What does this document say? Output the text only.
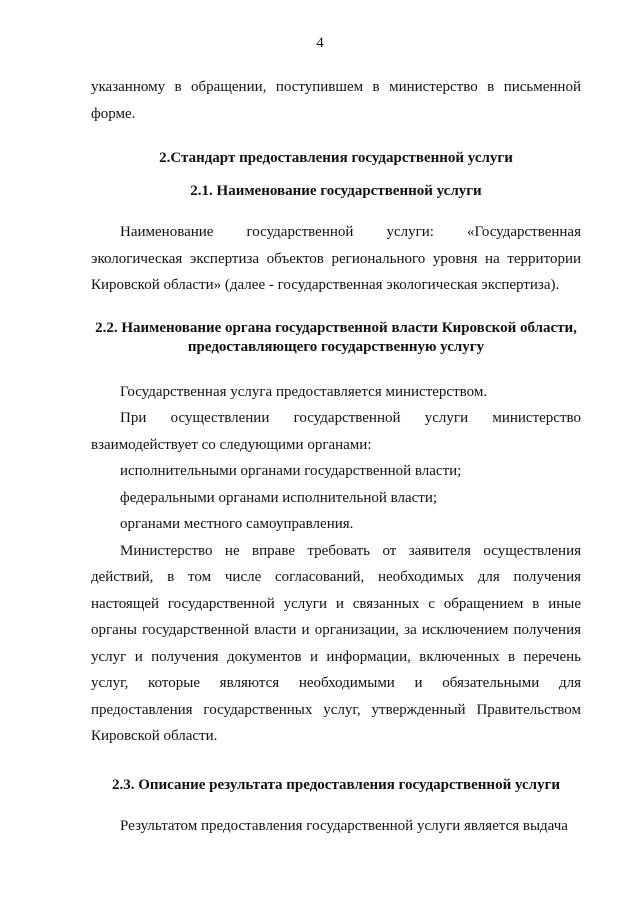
4

указанному в обращении, поступившем в министерство в письменной форме.

2.Стандарт предоставления государственной услуги

2.1. Наименование государственной услуги

Наименование государственной услуги: «Государственная экологическая экспертиза объектов регионального уровня на территории Кировской области» (далее - государственная экологическая экспертиза).

2.2. Наименование органа государственной власти Кировской области,

предоставляющего государственную услугу

Государственная услуга предоставляется министерством.

При осуществлении государственной услуги министерство взаимодействует со следующими органами:

исполнительными органами государственной власти;

федеральными органами исполнительной власти;

органами местного самоуправления.

Министерство не вправе требовать от заявителя осуществления действий, в том числе согласований, необходимых для получения настоящей государственной услуги и связанных с обращением в иные органы государственной власти и организации, за исключением получения услуг и получения документов и информации, включенных в перечень услуг, которые являются необходимыми и обязательными для предоставления государственных услуг, утвержденный Правительством Кировской области.

2.3. Описание результата предоставления государственной услуги

Результатом предоставления государственной услуги является выдача
